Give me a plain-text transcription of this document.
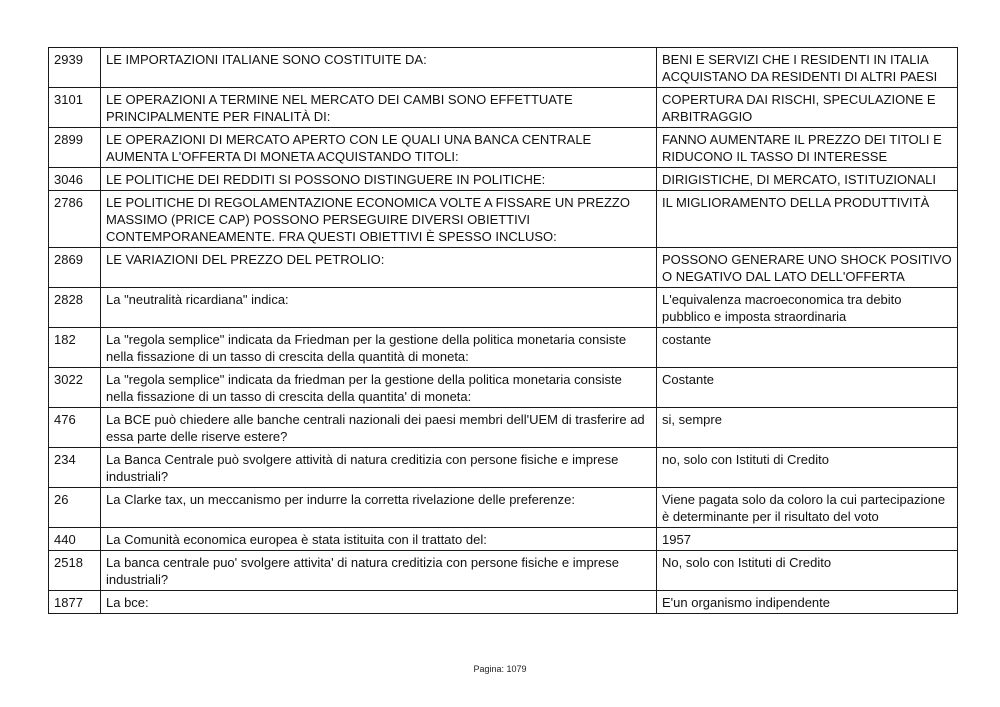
2939	LE IMPORTAZIONI ITALIANE SONO COSTITUITE DA:	BENI E SERVIZI CHE I RESIDENTI IN ITALIA ACQUISTANO DA RESIDENTI DI ALTRI PAESI
3101	LE OPERAZIONI A TERMINE NEL MERCATO DEI CAMBI SONO EFFETTUATE PRINCIPALMENTE PER FINALITÀ DI:	COPERTURA DAI RISCHI, SPECULAZIONE E ARBITRAGGIO
2899	LE OPERAZIONI DI MERCATO APERTO CON LE QUALI UNA BANCA CENTRALE AUMENTA L'OFFERTA DI MONETA ACQUISTANDO TITOLI:	FANNO AUMENTARE IL PREZZO DEI TITOLI E RIDUCONO IL TASSO DI INTERESSE
3046	LE POLITICHE DEI REDDITI SI POSSONO DISTINGUERE IN POLITICHE:	DIRIGISTICHE, DI MERCATO, ISTITUZIONALI
2786	LE POLITICHE DI REGOLAMENTAZIONE ECONOMICA VOLTE A FISSARE UN PREZZO MASSIMO (PRICE CAP) POSSONO PERSEGUIRE DIVERSI OBIETTIVI CONTEMPORANEAMENTE. FRA QUESTI OBIETTIVI È SPESSO INCLUSO:	IL MIGLIORAMENTO DELLA PRODUTTIVITÀ
2869	LE VARIAZIONI DEL PREZZO DEL PETROLIO:	POSSONO GENERARE UNO SHOCK POSITIVO O NEGATIVO DAL LATO DELL'OFFERTA
2828	La "neutralità ricardiana" indica:	L'equivalenza macroeconomica tra debito pubblico e imposta straordinaria
182	La "regola semplice" indicata da Friedman per la gestione della politica monetaria consiste nella fissazione di un tasso di crescita della quantità di moneta:	costante
3022	La "regola semplice" indicata da friedman per la gestione della politica monetaria consiste nella fissazione di un tasso di crescita della quantita' di moneta:	Costante
476	La BCE può chiedere alle banche centrali nazionali dei paesi membri dell'UEM di trasferire ad essa parte delle riserve estere?	si, sempre
234	La Banca Centrale può svolgere attività di natura creditizia con persone fisiche e imprese industriali?	no, solo con Istituti di Credito
26	La Clarke tax, un meccanismo per indurre la corretta rivelazione delle preferenze:	Viene pagata solo da coloro la cui partecipazione è determinante per il risultato del voto
440	La Comunità economica europea è stata istituita con il trattato del:	1957
2518	La banca centrale puo' svolgere attivita' di natura creditizia con persone fisiche e imprese industriali?	No, solo con Istituti di Credito
1877	La bce:	E'un organismo indipendente
Pagina: 1079
